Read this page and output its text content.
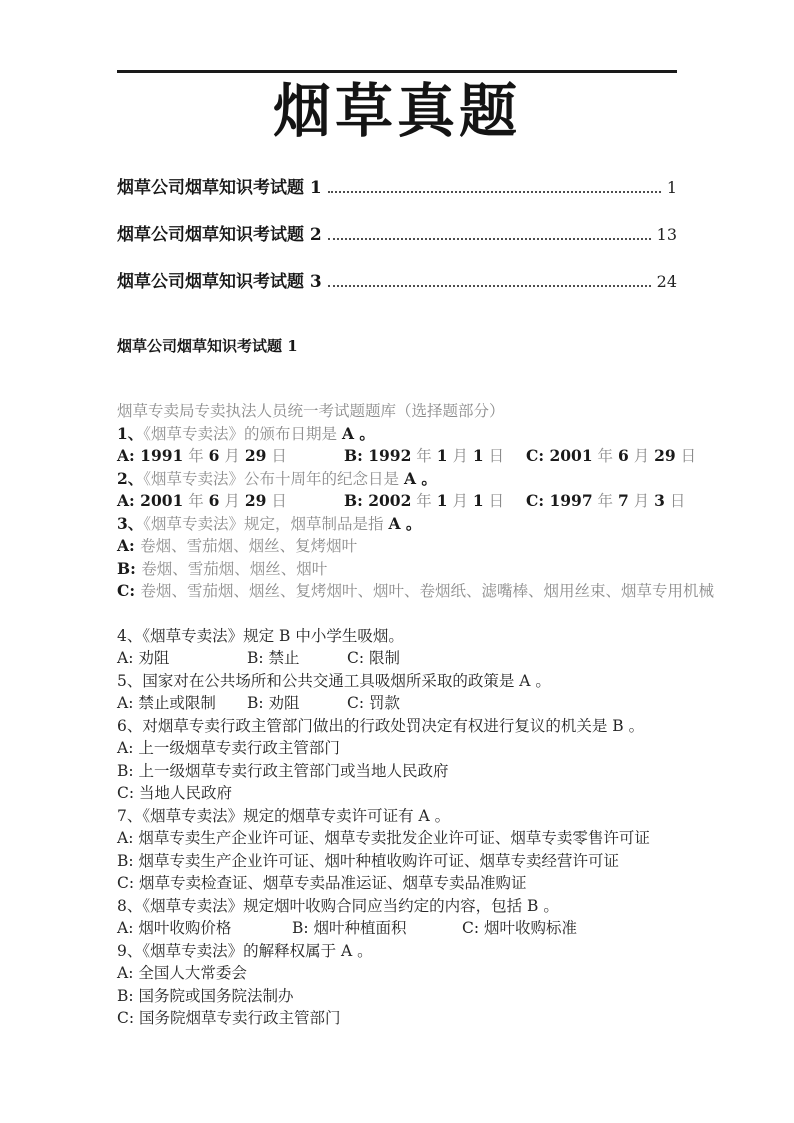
烟草真题
烟草公司烟草知识考试题 1	1
烟草公司烟草知识考试题 2	13
烟草公司烟草知识考试题 3	24
烟草公司烟草知识考试题 1
烟草专卖局专卖执法人员统一考试题题库（选择题部分）
1、《烟草专卖法》的颁布日期是 A 。
A: 1991 年 6 月 29 日	B: 1992 年 1 月 1 日 C: 2001 年 6 月 29 日
2、《烟草专卖法》公布十周年的纪念日是 A 。
A: 2001 年 6 月 29 日	B: 2002 年 1 月 1 日 C: 1997 年 7 月 3 日
3、《烟草专卖法》规定，烟草制品是指 A 。
A: 卷烟、雪茄烟、烟丝、复烤烟叶
B: 卷烟、雪茄烟、烟丝、烟叶
C: 卷烟、雪茄烟、烟丝、复烤烟叶、烟叶、卷烟纸、滤嘴棒、烟用丝束、烟草专用机械
4、《烟草专卖法》规定 B 中小学生吸烟。
A: 劝阻	B: 禁止	C: 限制
5、国家对在公共场所和公共交通工具吸烟所采取的政策是 A 。
A: 禁止或限制 B: 劝阻	C: 罚款
6、对烟草专卖行政主管部门做出的行政处罚决定有权进行复议的机关是 B 。
A: 上一级烟草专卖行政主管部门
B: 上一级烟草专卖行政主管部门或当地人民政府
C: 当地人民政府
7、《烟草专卖法》规定的烟草专卖许可证有 A 。
A: 烟草专卖生产企业许可证、烟草专卖批发企业许可证、烟草专卖零售许可证
B: 烟草专卖生产企业许可证、烟叶种植收购许可证、烟草专卖经营许可证
C: 烟草专卖检查证、烟草专卖品准运证、烟草专卖品准购证
8、《烟草专卖法》规定烟叶收购合同应当约定的内容，包括 B 。
A: 烟叶收购价格	B: 烟叶种植面积	C: 烟叶收购标准
9、《烟草专卖法》的解释权属于 A 。
A: 全国人大常委会
B: 国务院或国务院法制办
C: 国务院烟草专卖行政主管部门
